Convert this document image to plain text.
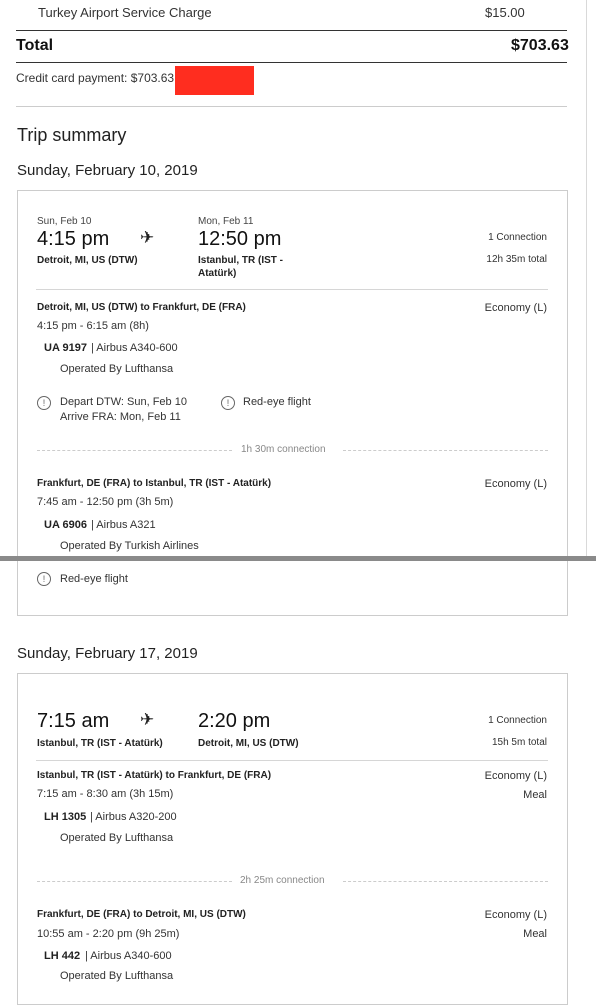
Turkey Airport Service Charge	$15.00
Total	$703.63
Credit card payment: $703.63
Trip summary
Sunday, February 10, 2019
Sun, Feb 10	Mon, Feb 11
4:15 pm ✈ 12:50 pm
Detroit, MI, US (DTW)	Istanbul, TR (IST -
Atatürk)
1 Connection
12h 35m total
Detroit, MI, US (DTW) to Frankfurt, DE (FRA)	Economy (L)
4:15 pm - 6:15 am (8h)
UA 9197 | Airbus A340-600
Operated By Lufthansa
!	Depart DTW: Sun, Feb 10
Arrive FRA: Mon, Feb 11
!	Red-eye flight
1h 30m connection
Frankfurt, DE (FRA) to Istanbul, TR (IST - Atatürk)	Economy (L)
7:45 am - 12:50 pm (3h 5m)
UA 6906 | Airbus A321
Operated By Turkish Airlines
!	Red-eye flight
Sunday, February 17, 2019
7:15 am ✈ 2:20 pm
Istanbul, TR (IST - Atatürk)	Detroit, MI, US (DTW)
1 Connection
15h 5m total
Istanbul, TR (IST - Atatürk) to Frankfurt, DE (FRA)	Economy (L)
Meal
7:15 am - 8:30 am (3h 15m)
LH 1305 | Airbus A320-200
Operated By Lufthansa
2h 25m connection
Frankfurt, DE (FRA) to Detroit, MI, US (DTW)	Economy (L)
Meal
10:55 am - 2:20 pm (9h 25m)
LH 442 | Airbus A340-600
Operated By Lufthansa
